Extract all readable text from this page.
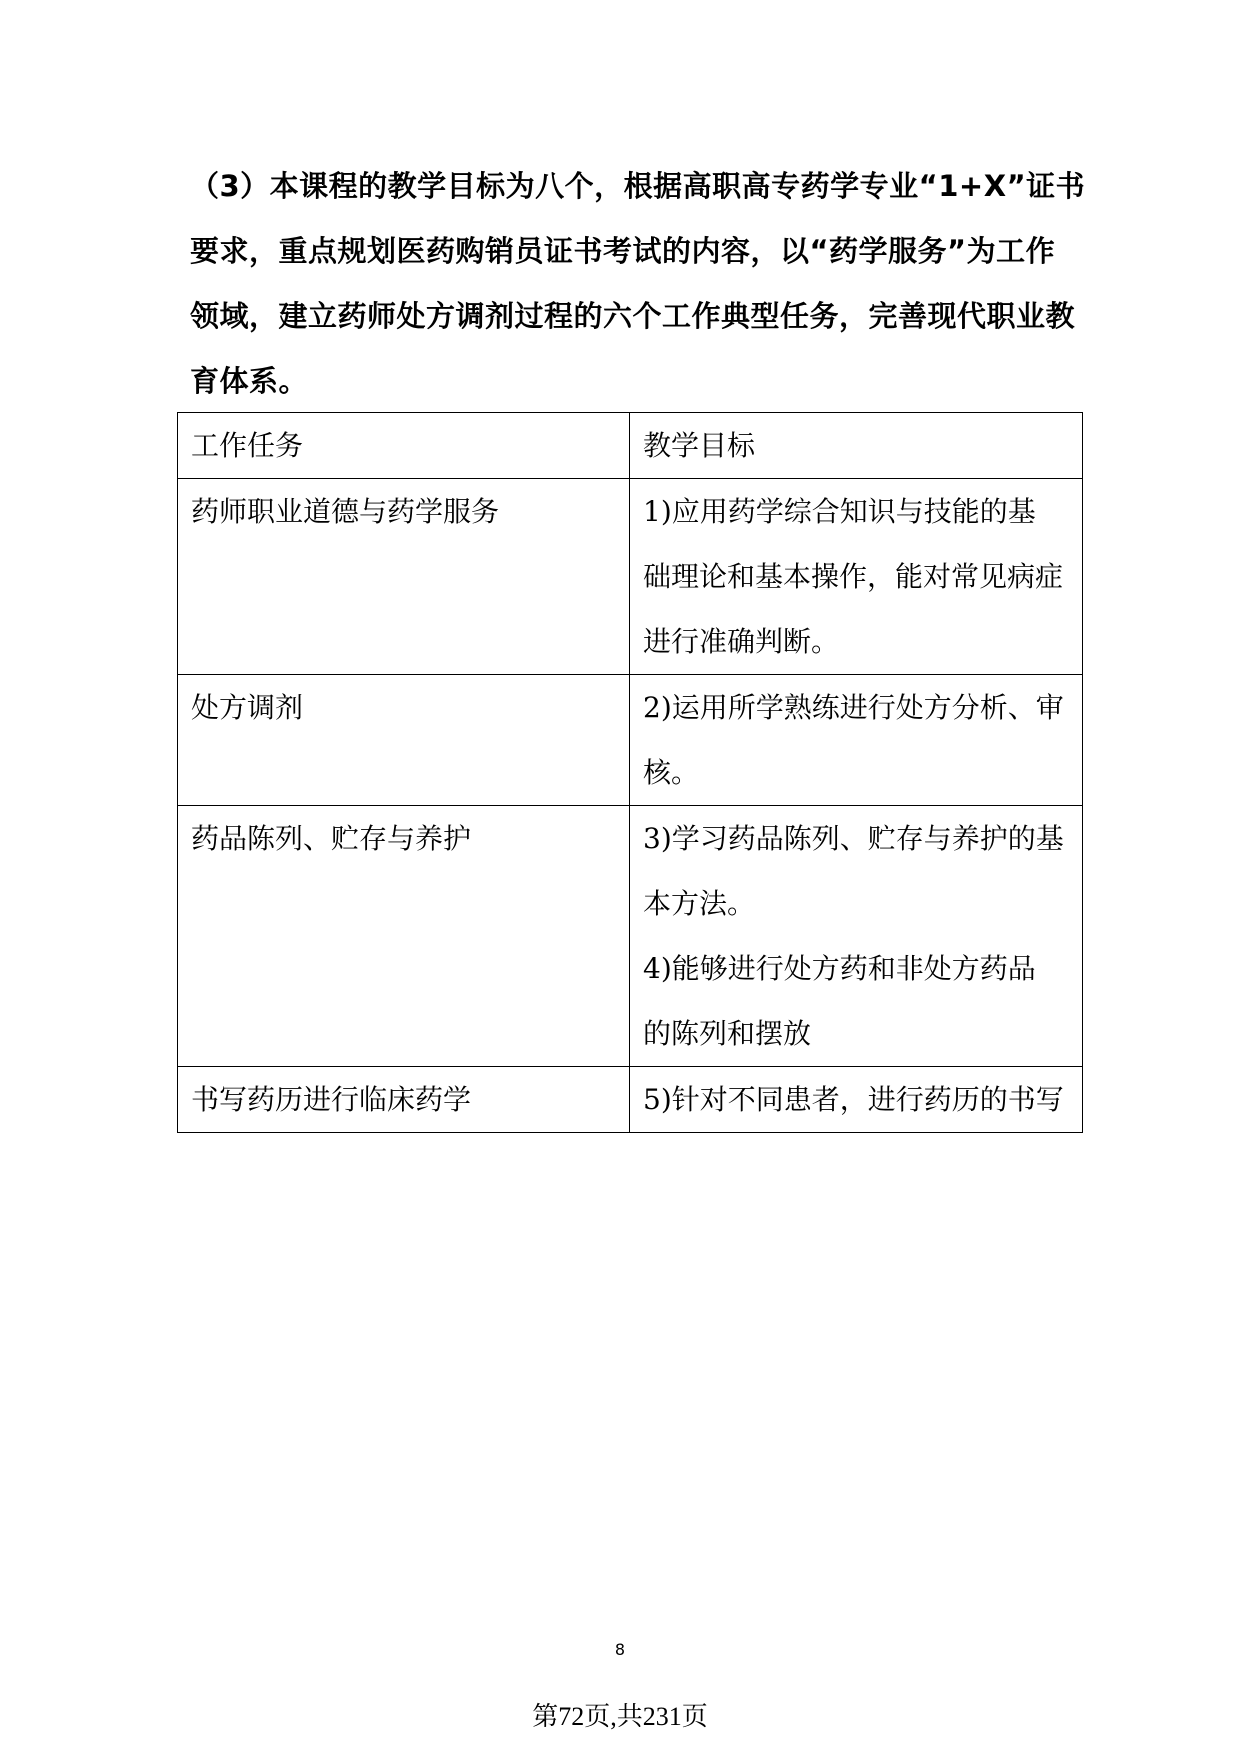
（3）本课程的教学目标为八个，根据高职高专药学专业“1+X”证书
要求，重点规划医药购销员证书考试的内容，以“药学服务”为工作
领域，建立药师处方调剂过程的六个工作典型任务，完善现代职业教
育体系。
工作任务	教学目标
药师职业道德与药学服务	1)应用药学综合知识与技能的基
础理论和基本操作，能对常见病症
进行准确判断。

处方调剂	2)运用所学熟练进行处方分析、审
核。

药品陈列、贮存与养护	3)学习药品陈列、贮存与养护的基
本方法。
4)能够进行处方药和非处方药品
的陈列和摆放

书写药历进行临床药学	5)针对不同患者，进行药历的书写
8
第72页,共231页
